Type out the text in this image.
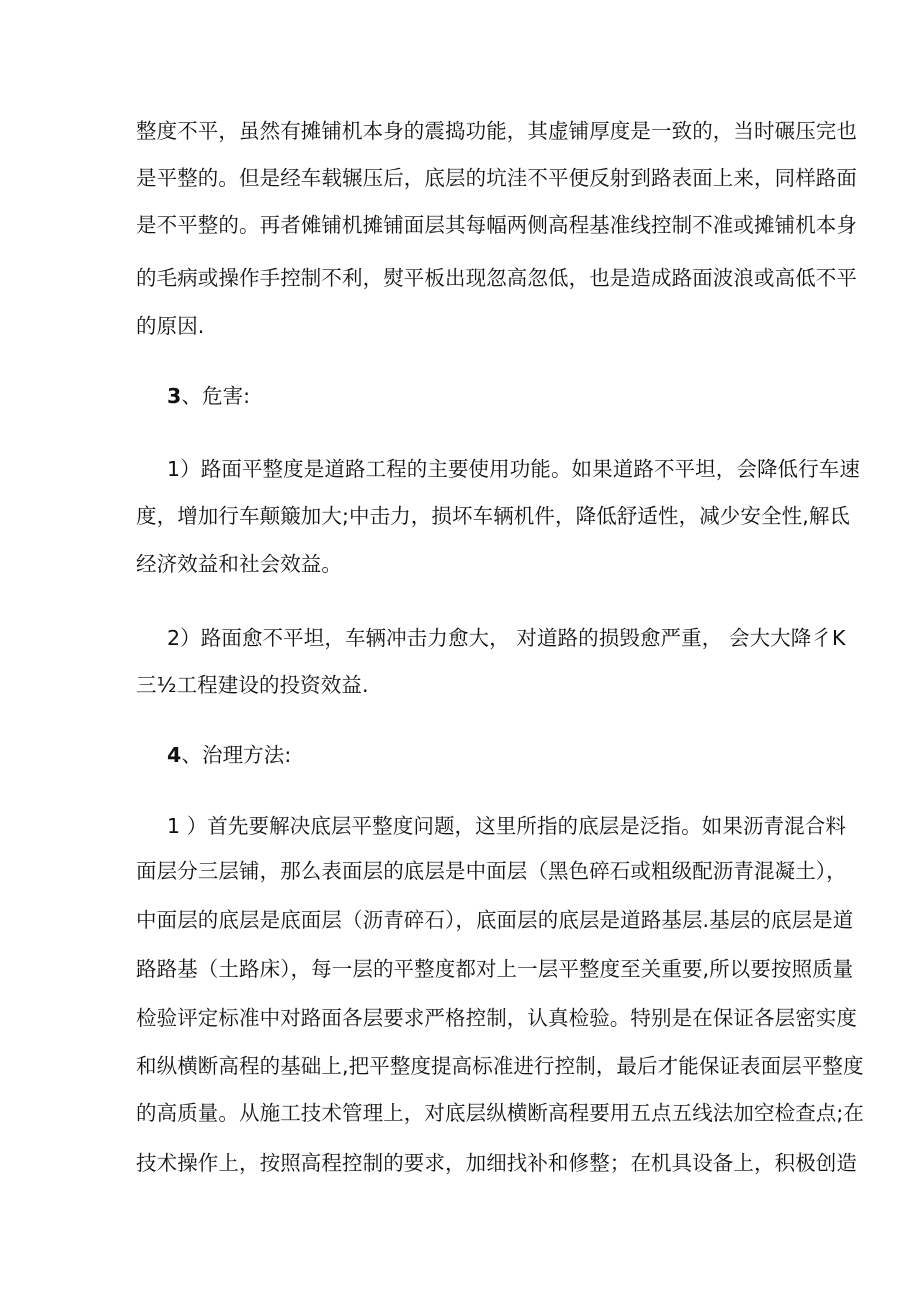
整度不平，虽然有摊铺机本身的震捣功能，其虚铺厚度是一致的，当时碾压完也
是平整的。但是经车载辗压后，底层的坑洼不平便反射到路表面上来，同样路面
是不平整的。再者傩铺机摊铺面层其每幅两侧高程基准线控制不准或摊铺机本身
的毛病或操作手控制不利，熨平板出现忽高忽低，也是造成路面波浪或高低不平
的原因.
3、危害:
1）路面平整度是道路工程的主要使用功能。如果道路不平坦，会降低行车速
度，增加行车颠簸加大;中击力，损坏车辆机件，降低舒适性，减少安全性,解氐
经济效益和社会效益。
2）路面愈不平坦，车辆冲击力愈大， 对道路的损毁愈严重， 会大大降彳K
三½工程建设的投资效益.
4、治理方法:
1 ）首先要解决底层平整度问题，这里所指的底层是泛指。如果沥青混合料
面层分三层铺，那么表面层的底层是中面层（黑色碎石或粗级配沥青混凝土），
中面层的底层是底面层（沥青碎石），底面层的底层是道路基层.基层的底层是道
路路基（土路床），每一层的平整度都对上一层平整度至关重要,所以要按照质量
检验评定标准中对路面各层要求严格控制，认真检验。特别是在保证各层密实度
和纵横断高程的基础上,把平整度提高标准进行控制，最后才能保证表面层平整度
的高质量。从施工技术管理上，对底层纵横断高程要用五点五线法加空检查点;在
技术操作上，按照高程控制的要求，加细找补和修整；在机具设备上，积极创造
